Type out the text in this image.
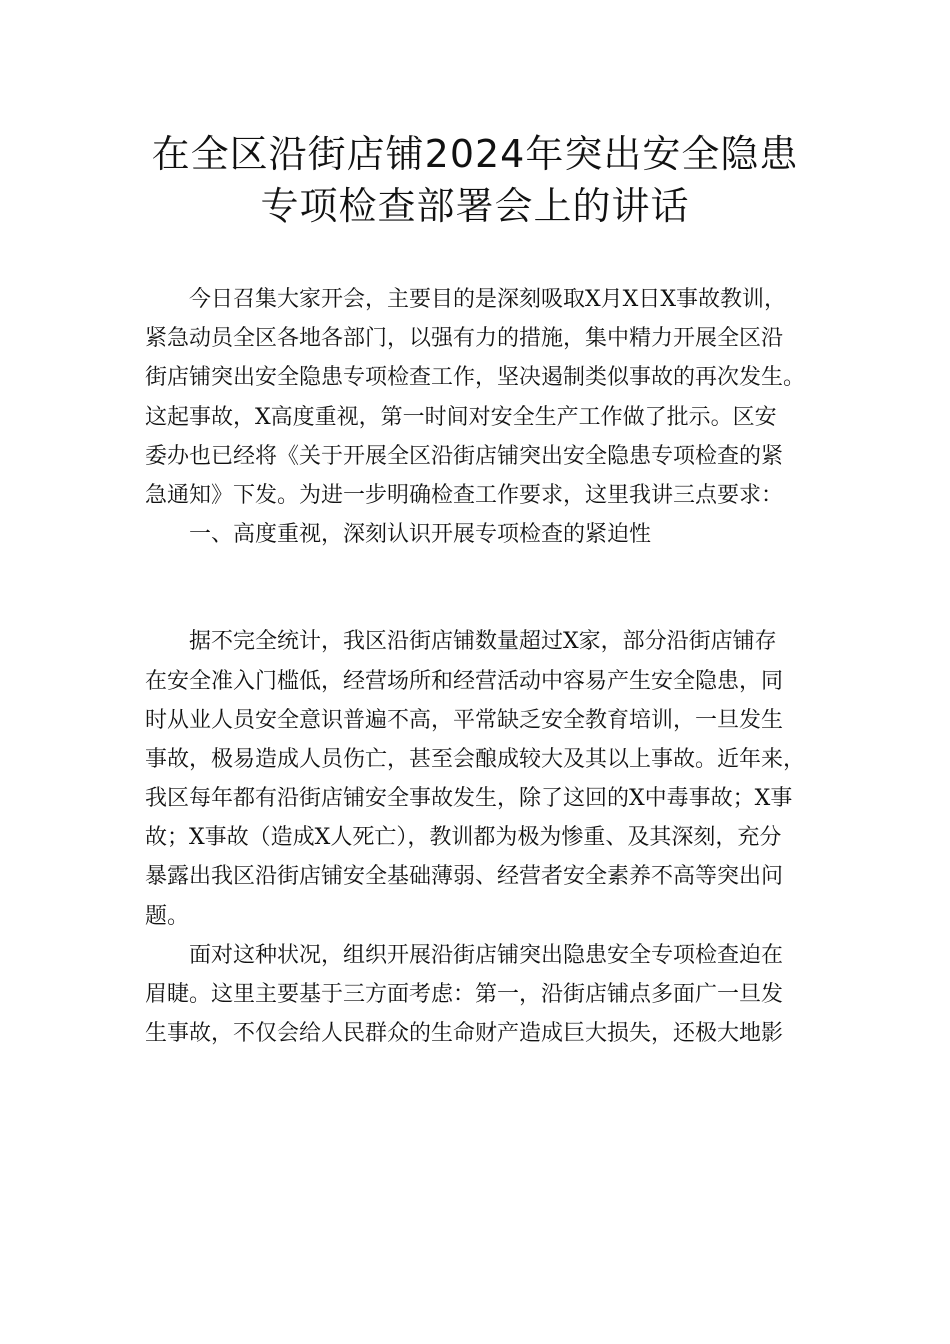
在全区沿街店铺2024年突出安全隐患
专项检查部署会上的讲话
今日召集大家开会，主要目的是深刻吸取X月X日X事故教训，
紧急动员全区各地各部门，以强有力的措施，集中精力开展全区沿
街店铺突出安全隐患专项检查工作，坚决遏制类似事故的再次发生。
这起事故，X高度重视，第一时间对安全生产工作做了批示。区安
委办也已经将《关于开展全区沿街店铺突出安全隐患专项检查的紧
急通知》下发。为进一步明确检查工作要求，这里我讲三点要求：
一、高度重视，深刻认识开展专项检查的紧迫性
据不完全统计，我区沿街店铺数量超过X家，部分沿街店铺存
在安全准入门槛低，经营场所和经营活动中容易产生安全隐患，同
时从业人员安全意识普遍不高，平常缺乏安全教育培训，一旦发生
事故，极易造成人员伤亡，甚至会酿成较大及其以上事故。近年来，
我区每年都有沿街店铺安全事故发生，除了这回的X中毒事故；X事
故；X事故（造成X人死亡），教训都为极为惨重、及其深刻，充分
暴露出我区沿街店铺安全基础薄弱、经营者安全素养不高等突出问
题。
面对这种状况，组织开展沿街店铺突出隐患安全专项检查迫在
眉睫。这里主要基于三方面考虑：第一，沿街店铺点多面广一旦发
生事故，不仅会给人民群众的生命财产造成巨大损失，还极大地影
